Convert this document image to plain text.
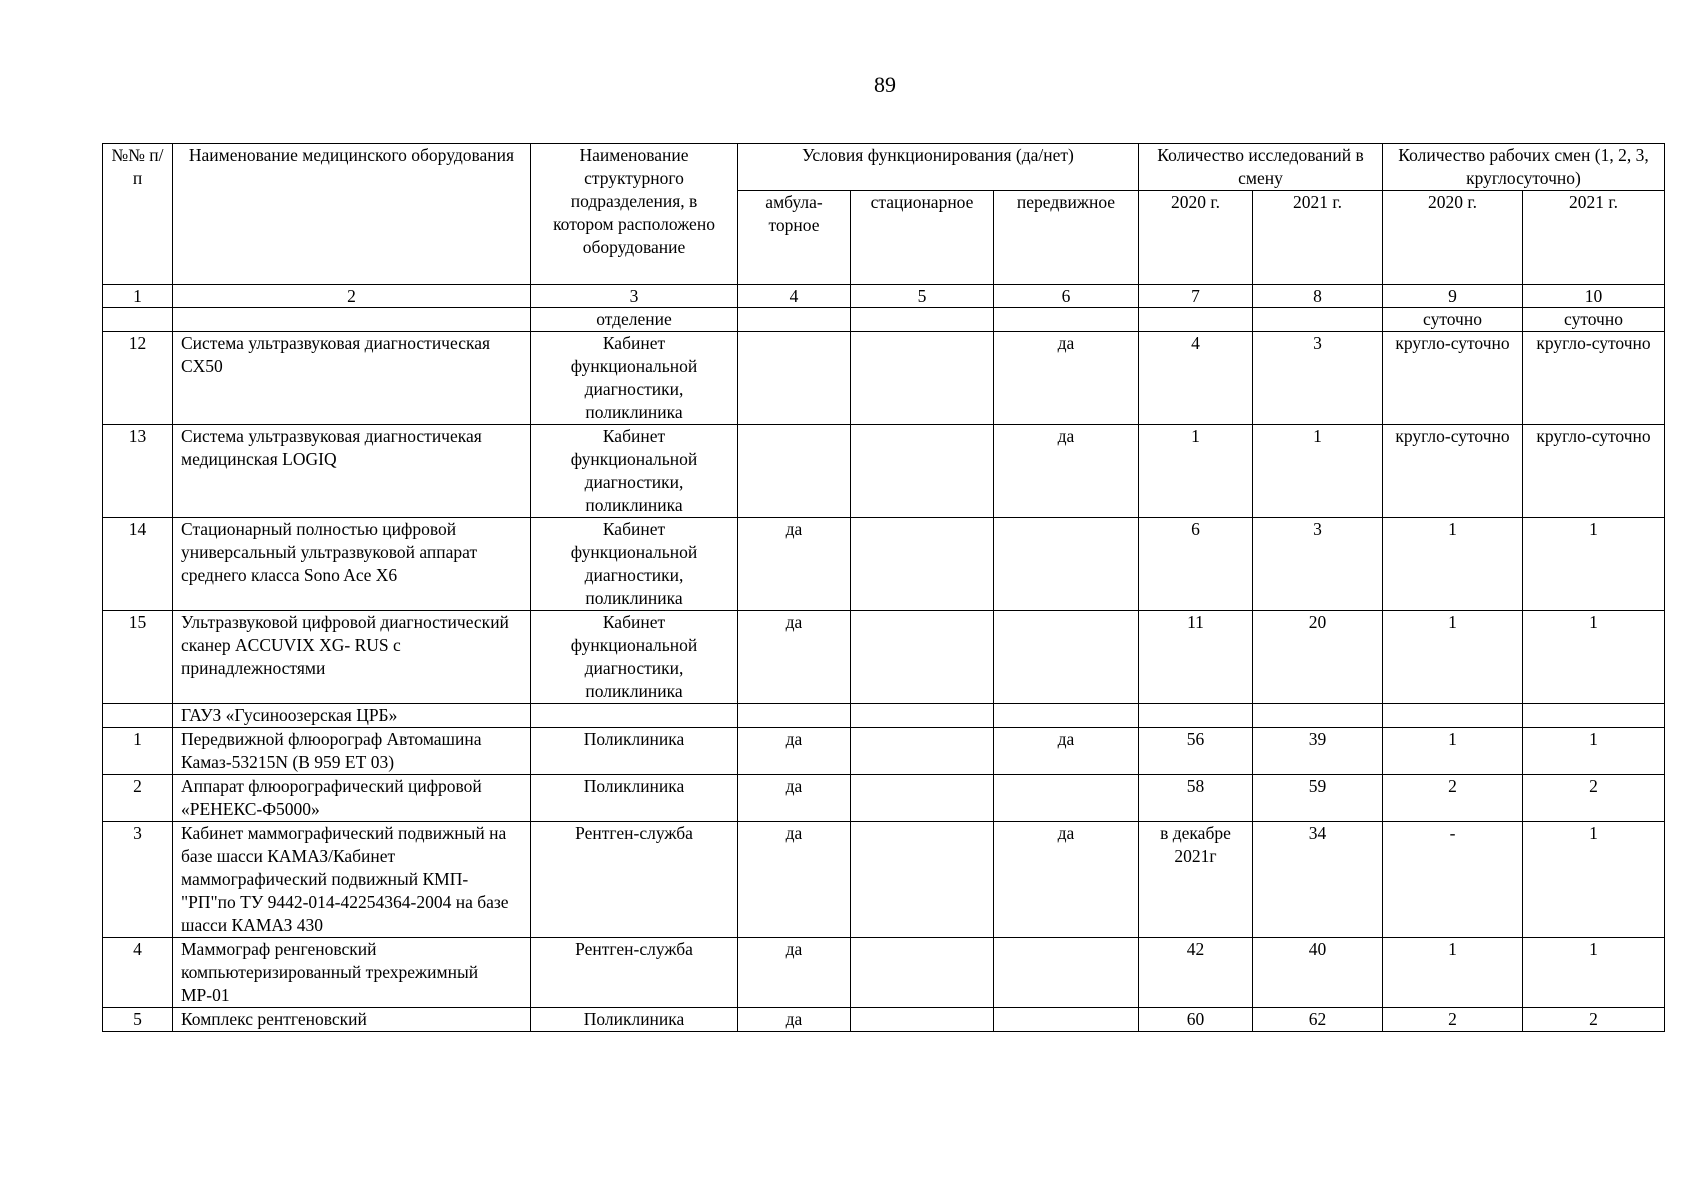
89
№№ п/п	Наименование медицинского оборудования	Наименование структурного подразделения, в котором расположено оборудование	Условия функционирования (да/нет)			Количество исследований в смену		Количество рабочих смен (1, 2, 3, круглосуточно)	
			амбула-торное	стационарное	передвижное	2020 г.	2021 г.	2020 г.	2021 г.
1	2	3	4	5	6	7	8	9	10
		отделение						суточно	суточно
12	Система ультразвуковая диагностическая CX50	Кабинет функциональной диагностики, поликлиника			да	4	3	кругло-суточно	кругло-суточно
13	Система ультразвуковая диагностичекая медицинская LOGIQ	Кабинет функциональной диагностики, поликлиника			да	1	1	кругло-суточно	кругло-суточно
14	Стационарный полностью цифровой универсальный ультразвуковой аппарат среднего класса Sono Ace X6	Кабинет функциональной диагностики, поликлиника	да			6	3	1	1
15	Ультразвуковой цифровой диагностический сканер ACCUVIX XG- RUS с принадлежностями	Кабинет функциональной диагностики, поликлиника	да			11	20	1	1
	ГАУЗ «Гусиноозерская ЦРБ»								
1	Передвижной флюорограф Автомашина Камаз-53215N (В 959 ЕТ 03)	Поликлиника	да		да	56	39	1	1
2	Аппарат флюорографический цифровой «РЕНЕКС-Ф5000»	Поликлиника	да			58	59	2	2
3	Кабинет маммографический подвижный на базе шасси КАМАЗ/Кабинет маммографический подвижный КМП-"РП"по ТУ 9442-014-42254364-2004 на базе шасси КАМАЗ 430	Рентген-служба	да		да	в декабре 2021г	34	-	1
4	Маммограф ренгеновский компьютеризированный трехрежимный МР-01	Рентген-служба	да			42	40	1	1
5	Комплекс рентгеновский	Поликлиника	да			60	62	2	2
